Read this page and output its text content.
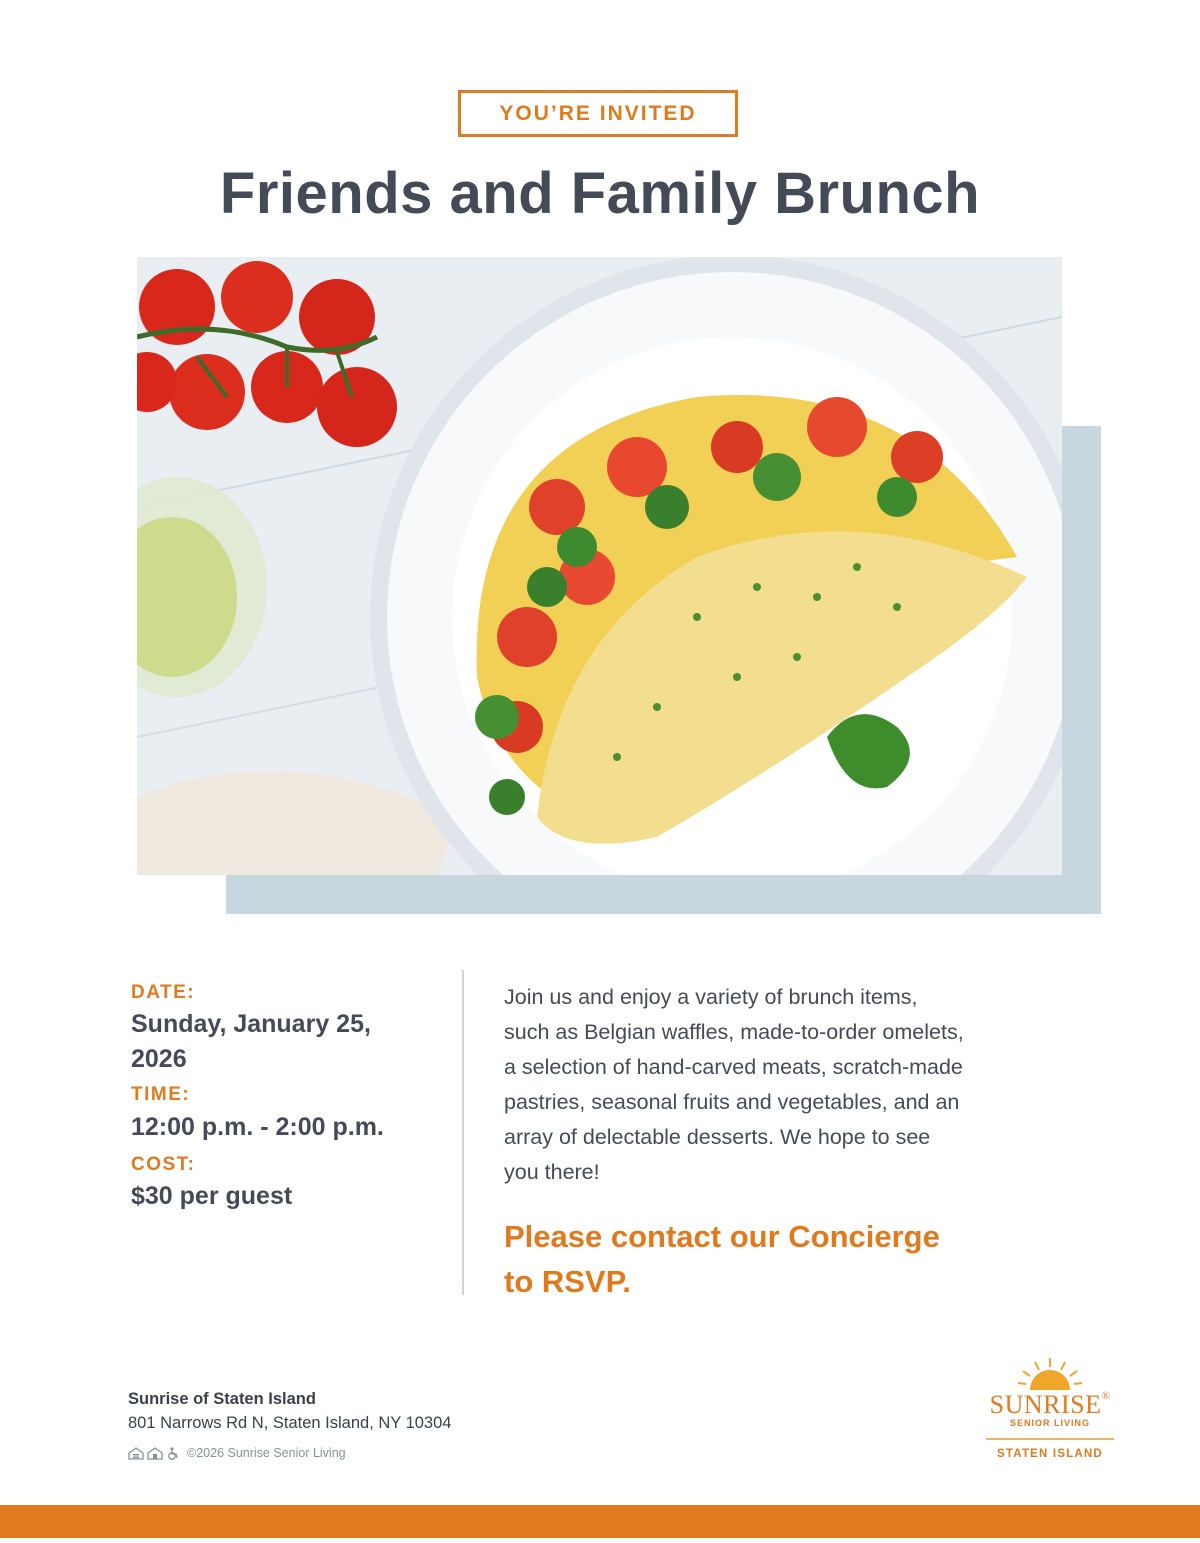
YOU’RE INVITED
Friends and Family Brunch
DATE:
Sunday, January 25,
2026
TIME:
12:00 p.m. - 2:00 p.m.
COST:
$30 per guest
Join us and enjoy a variety of brunch items,
such as Belgian waffles, made-to-order omelets,
a selection of hand-carved meats, scratch-made
pastries, seasonal fruits and vegetables, and an
array of delectable desserts. We hope to see
you there!
Please contact our Concierge
to RSVP.
Sunrise of Staten Island
801 Narrows Rd N, Staten Island, NY 10304
©2026 Sunrise Senior Living
SUNRISE®
SENIOR LIVING
STATEN ISLAND
